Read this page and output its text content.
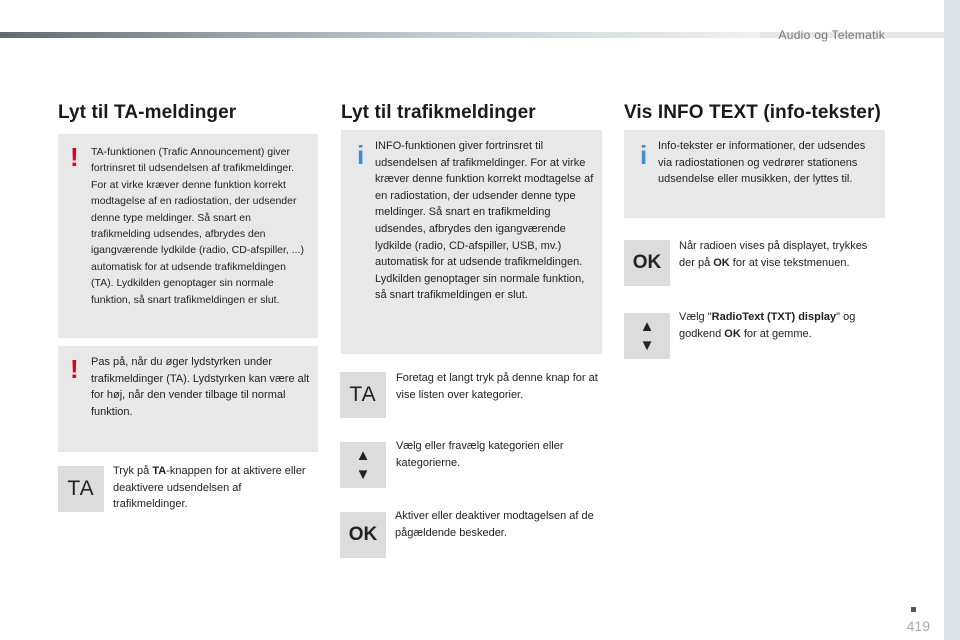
Audio og Telematik
Lyt til TA-meldinger
! TA-funktionen (Trafic Announcement) giver fortrinsret til udsendelsen af trafikmeldinger. For at virke kræver denne funktion korrekt modtagelse af en radiostation, der udsender denne type meldinger. Så snart en trafikmelding udsendes, afbrydes den igangværende lydkilde (radio, CD-afspiller, ...) automatisk for at udsende trafikmeldingen (TA). Lydkilden genoptager sin normale funktion, så snart trafikmeldingen er slut.

! Pas på, når du øger lydstyrken under trafikmeldinger (TA). Lydstyrken kan være alt for høj, når den vender tilbage til normal funktion.

TA
Tryk på TA-knappen for at aktivere eller deaktivere udsendelsen af trafikmeldinger.
Lyt til trafikmeldinger
i INFO-funktionen giver fortrinsret til udsendelsen af trafikmeldinger. For at virke kræver denne funktion korrekt modtagelse af en radiostation, der udsender denne type meldinger. Så snart en trafikmelding udsendes, afbrydes den igangværende lydkilde (radio, CD-afspiller, USB, mv.) automatisk for at udsende trafikmeldingen. Lydkilden genoptager sin normale funktion, så snart trafikmeldingen er slut.

TA
Foretag et langt tryk på denne knap for at vise listen over kategorier.
▲
▼
Vælg eller fravælg kategorien eller kategorierne.
OK
Aktiver eller deaktiver modtagelsen af de pågældende beskeder.
Vis INFO TEXT (info-tekster)
i Info-tekster er informationer, der udsendes via radiostationen og vedrører stationens udsendelse eller musikken, der lyttes til.

OK
Når radioen vises på displayet, trykkes der på OK for at vise tekstmenuen.
▲
▼
Vælg "RadioText (TXT) display" og godkend OK for at gemme.
419
